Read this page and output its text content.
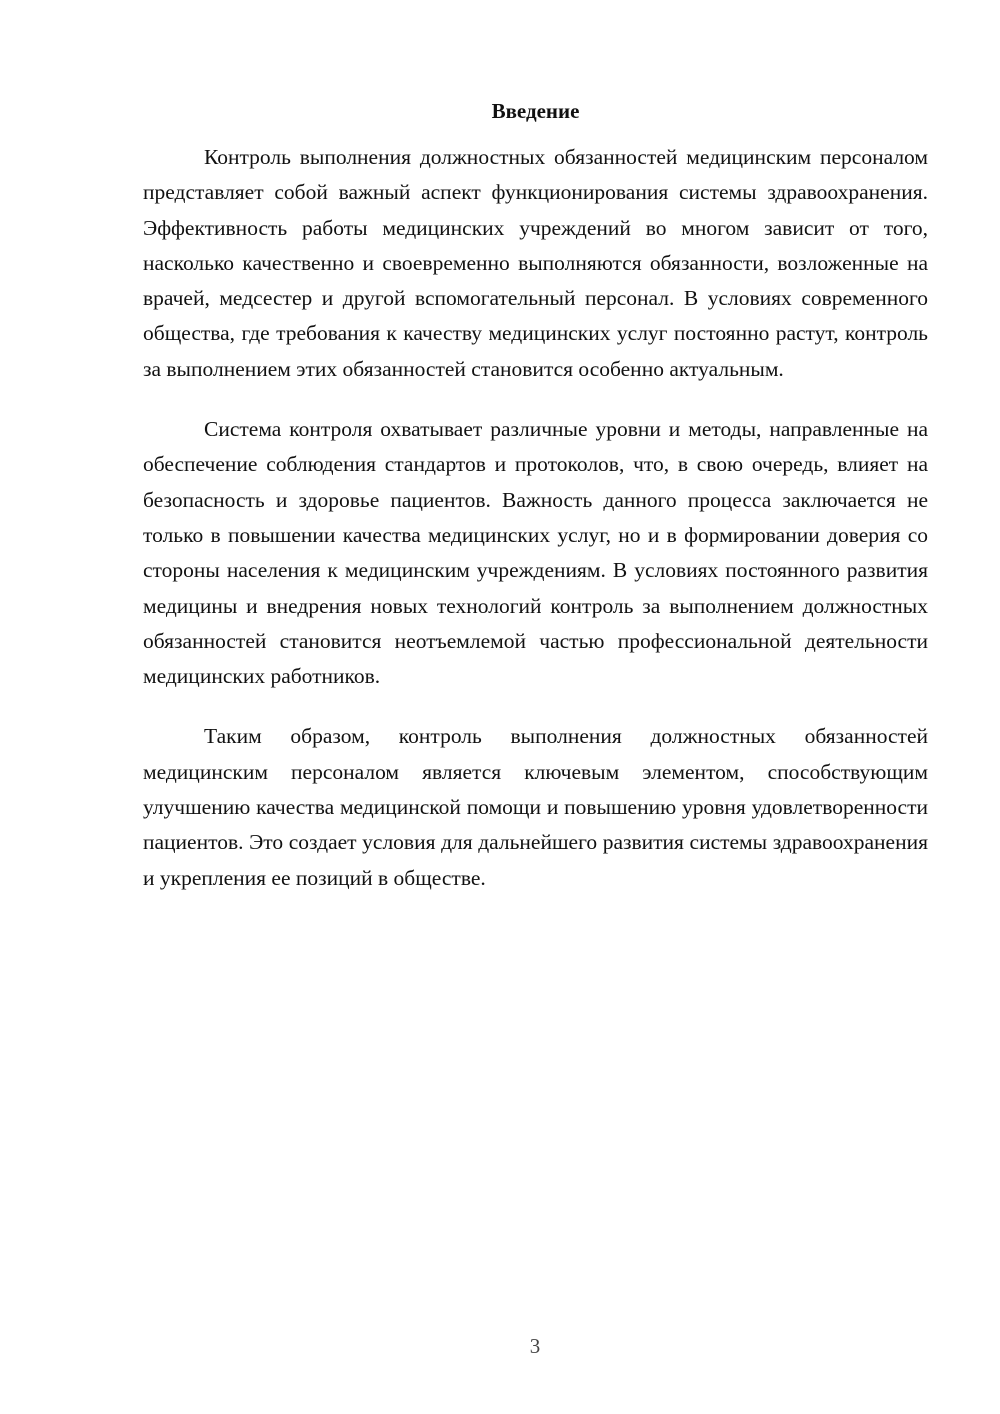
Введение

Контроль выполнения должностных обязанностей медицинским персоналом представляет собой важный аспект функционирования системы здравоохранения. Эффективность работы медицинских учреждений во многом зависит от того, насколько качественно и своевременно выполняются обязанности, возложенные на врачей, медсестер и другой вспомогательный персонал. В условиях современного общества, где требования к качеству медицинских услуг постоянно растут, контроль за выполнением этих обязанностей становится особенно актуальным.

Система контроля охватывает различные уровни и методы, направленные на обеспечение соблюдения стандартов и протоколов, что, в свою очередь, влияет на безопасность и здоровье пациентов. Важность данного процесса заключается не только в повышении качества медицинских услуг, но и в формировании доверия со стороны населения к медицинским учреждениям. В условиях постоянного развития медицины и внедрения новых технологий контроль за выполнением должностных обязанностей становится неотъемлемой частью профессиональной деятельности медицинских работников.

Таким образом, контроль выполнения должностных обязанностей медицинским персоналом является ключевым элементом, способствующим улучшению качества медицинской помощи и повышению уровня удовлетворенности пациентов. Это создает условия для дальнейшего развития системы здравоохранения и укрепления ее позиций в обществе.

3
